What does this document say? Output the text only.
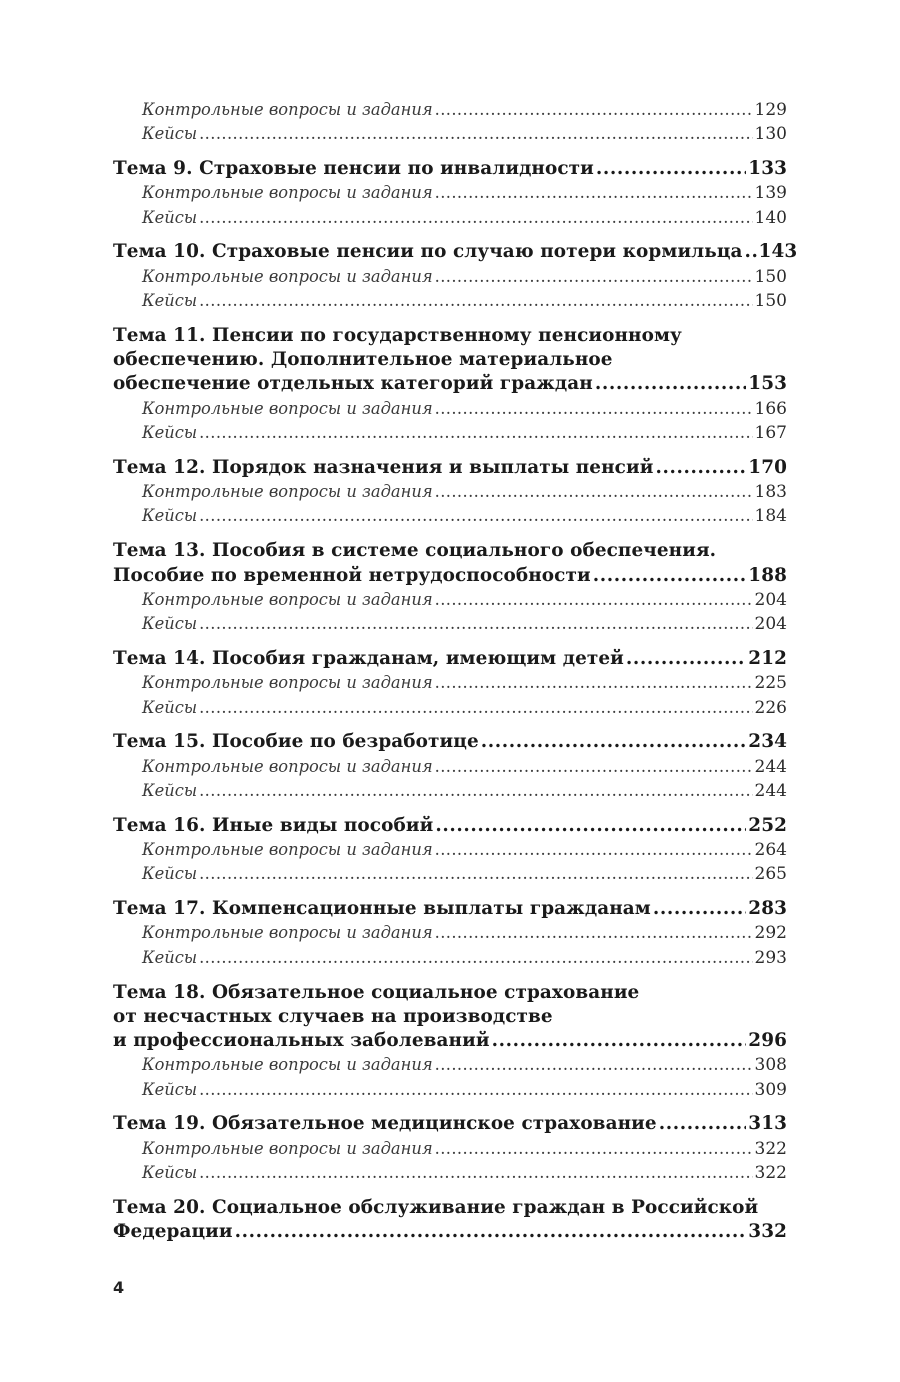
Контрольные вопросы и задания .....	129
Кейсы .....	130
Тема 9. Страховые пенсии по инвалидности .....	133
Контрольные вопросы и задания .....	139
Кейсы .....	140
Тема 10. Страховые пенсии по случаю потери кормильца ..... 143
Контрольные вопросы и задания .....	150
Кейсы .....	150
Тема 11. Пенсии по государственному пенсионному
обеспечению. Дополнительное материальное
обеспечение отдельных категорий граждан .....	153
Контрольные вопросы и задания .....	166
Кейсы .....	167
Тема 12. Порядок назначения и выплаты пенсий .....	170
Контрольные вопросы и задания .....	183
Кейсы .....	184
Тема 13. Пособия в системе социального обеспечения.
Пособие по временной нетрудоспособности .....	188
Контрольные вопросы и задания .....	204
Кейсы .....	204
Тема 14. Пособия гражданам, имеющим детей .....	212
Контрольные вопросы и задания .....	225
Кейсы .....	226
Тема 15. Пособие по безработице .....	234
Контрольные вопросы и задания .....	244
Кейсы .....	244
Тема 16. Иные виды пособий .....	252
Контрольные вопросы и задания .....	264
Кейсы .....	265
Тема 17. Компенсационные выплаты гражданам .....	283
Контрольные вопросы и задания .....	292
Кейсы .....	293
Тема 18. Обязательное социальное страхование
от несчастных случаев на производстве
и профессиональных заболеваний .....	296
Контрольные вопросы и задания .....	308
Кейсы .....	309
Тема 19. Обязательное медицинское страхование .....	313
Контрольные вопросы и задания .....	322
Кейсы .....	322
Тема 20. Социальное обслуживание граждан в Российской
Федерации .....	332
4
